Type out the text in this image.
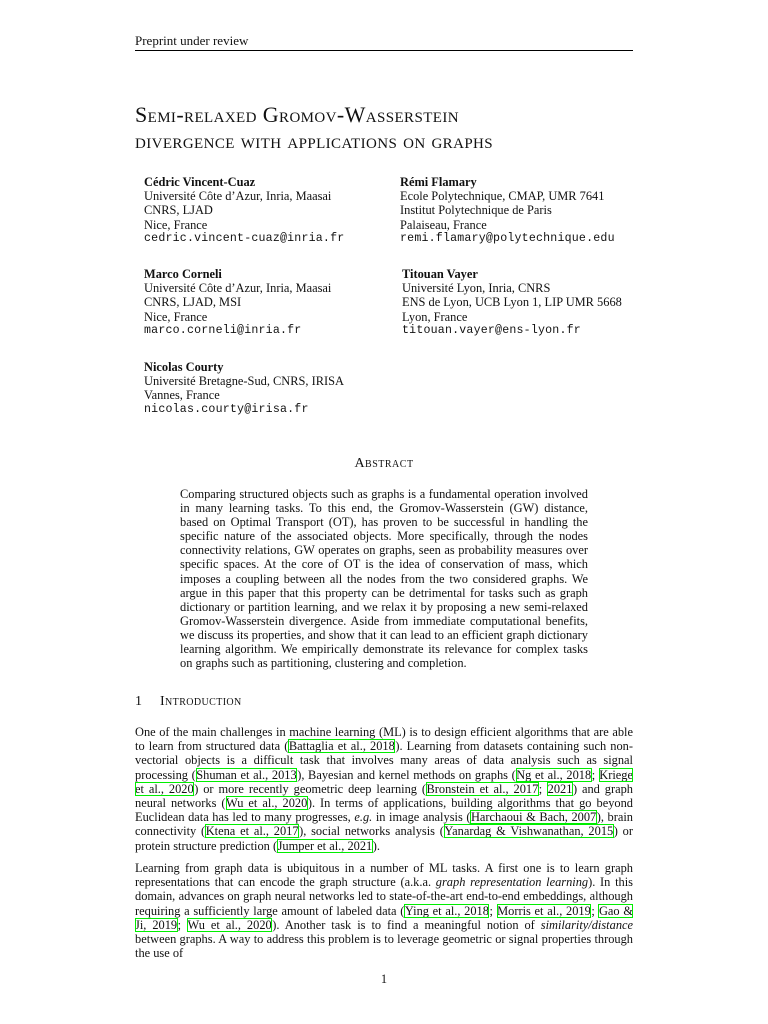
Preprint under review
Semi-relaxed Gromov-Wasserstein
divergence with applications on graphs
Cédric Vincent-Cuaz
Université Côte d’Azur, Inria, Maasai
CNRS, LJAD
Nice, France
cedric.vincent-cuaz@inria.fr
Rémi Flamary
Ecole Polytechnique, CMAP, UMR 7641
Institut Polytechnique de Paris
Palaiseau, France
remi.flamary@polytechnique.edu
Marco Corneli
Université Côte d’Azur, Inria, Maasai
CNRS, LJAD, MSI
Nice, France
marco.corneli@inria.fr
Titouan Vayer
Université Lyon, Inria, CNRS
ENS de Lyon, UCB Lyon 1, LIP UMR 5668
Lyon, France
titouan.vayer@ens-lyon.fr
Nicolas Courty
Université Bretagne-Sud, CNRS, IRISA
Vannes, France
nicolas.courty@irisa.fr
Abstract
Comparing structured objects such as graphs is a fundamental operation involved in many learning tasks. To this end, the Gromov-Wasserstein (GW) distance, based on Optimal Transport (OT), has proven to be successful in handling the specific nature of the associated objects. More specifically, through the nodes connectivity relations, GW operates on graphs, seen as probability measures over specific spaces. At the core of OT is the idea of conservation of mass, which imposes a coupling between all the nodes from the two considered graphs. We argue in this paper that this property can be detrimental for tasks such as graph dictionary or partition learning, and we relax it by proposing a new semi-relaxed Gromov-Wasserstein divergence. Aside from immediate computational benefits, we discuss its properties, and show that it can lead to an efficient graph dictionary learning algorithm. We empirically demonstrate its relevance for complex tasks on graphs such as partitioning, clustering and completion.
1 Introduction
One of the main challenges in machine learning (ML) is to design efficient algorithms that are able to learn from structured data (Battaglia et al., 2018). Learning from datasets containing such non-vectorial objects is a difficult task that involves many areas of data analysis such as signal processing (Shuman et al., 2013), Bayesian and kernel methods on graphs (Ng et al., 2018; Kriege et al., 2020) or more recently geometric deep learning (Bronstein et al., 2017; 2021) and graph neural networks (Wu et al., 2020). In terms of applications, building algorithms that go beyond Euclidean data has led to many progresses, e.g. in image analysis (Harchaoui & Bach, 2007), brain connectivity (Ktena et al., 2017), social networks analysis (Yanardag & Vishwanathan, 2015) or protein structure prediction (Jumper et al., 2021).
Learning from graph data is ubiquitous in a number of ML tasks. A first one is to learn graph representations that can encode the graph structure (a.k.a. graph representation learning). In this domain, advances on graph neural networks led to state-of-the-art end-to-end embeddings, although requiring a sufficiently large amount of labeled data (Ying et al., 2018; Morris et al., 2019; Gao & Ji, 2019; Wu et al., 2020). Another task is to find a meaningful notion of similarity/distance between graphs. A way to address this problem is to leverage geometric or signal properties through the use of
1
